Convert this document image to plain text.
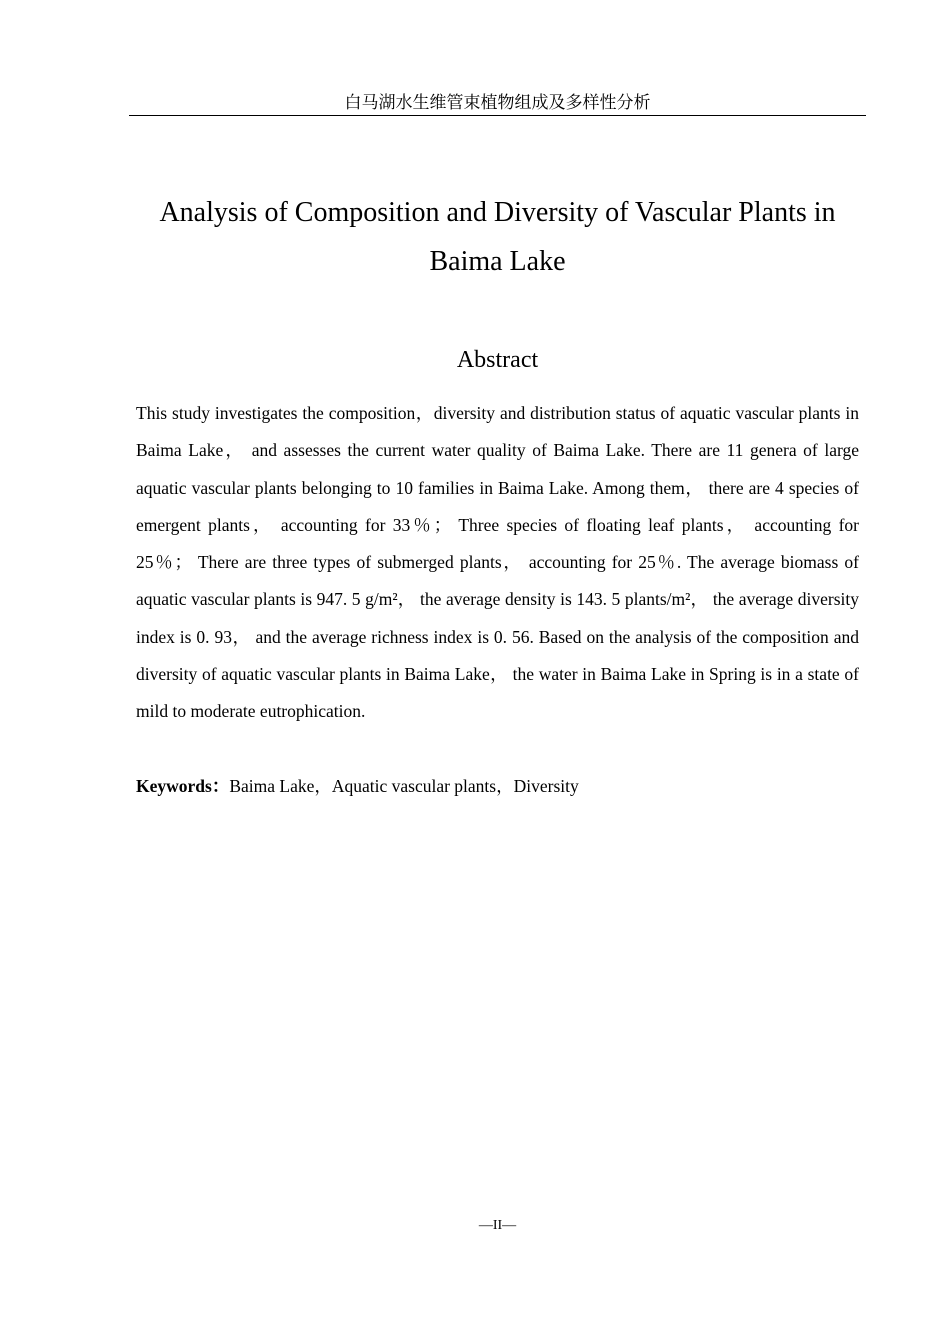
白马湖水生维管束植物组成及多样性分析
Analysis of Composition and Diversity of Vascular Plants in
Baima Lake
Abstract

This study investigates the composition，diversity and distribution status of aquatic vascular plants in Baima Lake， and assesses the current water quality of Baima Lake. There are 11 genera of large aquatic vascular plants belonging to 10 families in Baima Lake. Among them， there are 4 species of emergent plants， accounting for 33％； Three species of floating leaf plants， accounting for 25％； There are three types of submerged plants， accounting for 25％. The average biomass of aquatic vascular plants is 947. 5 g/m²， the average density is 143. 5 plants/m²， the average diversity index is 0. 93， and the average richness index is 0. 56. Based on the analysis of the composition and diversity of aquatic vascular plants in Baima Lake， the water in Baima Lake in Spring is in a state of mild to moderate eutrophication.

Keywords：Baima Lake，Aquatic vascular plants，Diversity

—II—
